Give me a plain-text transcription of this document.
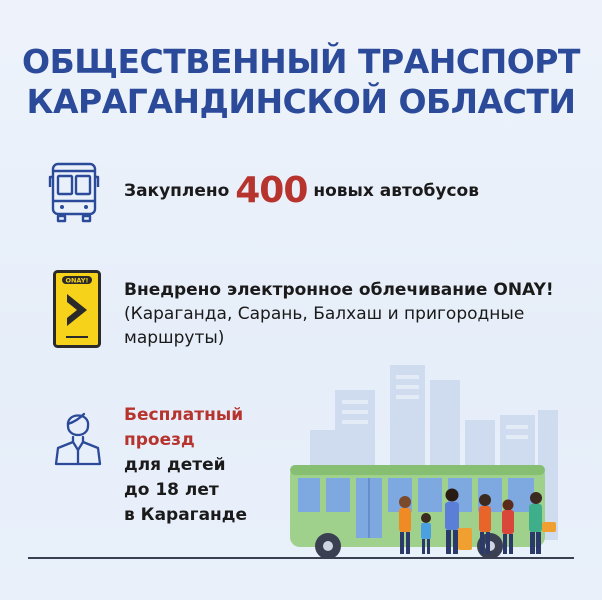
ОБЩЕСТВЕННЫЙ ТРАНСПОРТ
КАРАГАНДИНСКОЙ ОБЛАСТИ
Закуплено 400 новых автобусов
ONAY! Внедрено электронное облечивание ONAY!
(Караганда, Сарань, Балхаш и пригородные маршруты)
Бесплатный
проезд
для детей
до 18 лет
в Караганде
